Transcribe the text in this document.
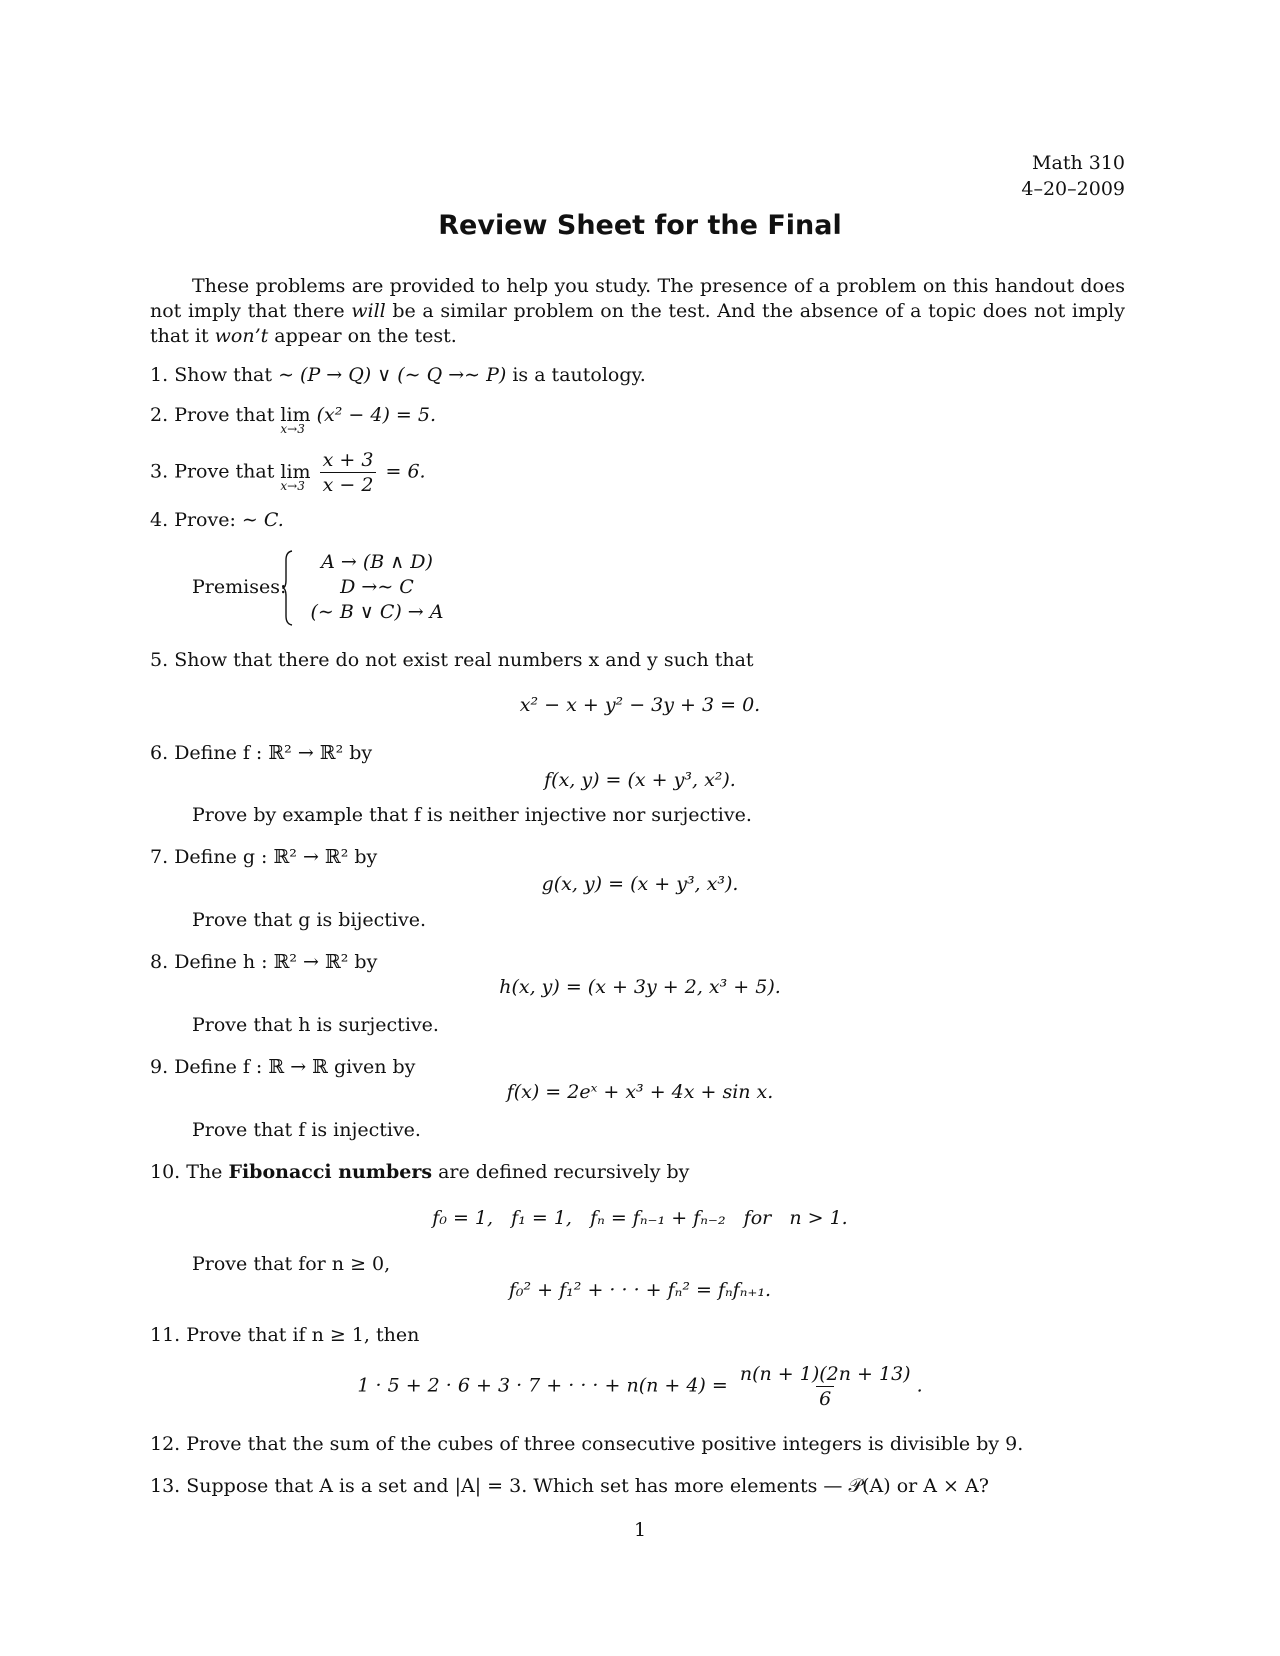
Math 310
4–20–2009
Review Sheet for the Final
These problems are provided to help you study. The presence of a problem on this handout does not imply that there will be a similar problem on the test. And the absence of a topic does not imply that it won’t appear on the test.
1. Show that ∼ (P → Q) ∨ (∼ Q →∼ P) is a tautology.
2. Prove that lim
x→3
(x² − 4) = 5.
3. Prove that lim
x→3
$\frac{x + 3}{x - 2} = 6$.
4. Prove: ∼ C.
Premises:
A → (B ∧ D)
D →∼ C
(∼ B ∨ C) → A
5. Show that there do not exist real numbers x and y such that
x² − x + y² − 3y + 3 = 0.
6. Define f : ℝ² → ℝ² by
f(x, y) = (x + y³, x²).
Prove by example that f is neither injective nor surjective.
7. Define g : ℝ² → ℝ² by
g(x, y) = (x + y³, x³).
Prove that g is bijective.
8. Define h : ℝ² → ℝ² by
h(x, y) = (x + 3y + 2, x³ + 5).
Prove that h is surjective.
9. Define f : ℝ → ℝ given by
f(x) = 2eˣ + x³ + 4x + sin x.
Prove that f is injective.
10. The Fibonacci numbers are defined recursively by
f₀ = 1,   f₁ = 1,   fₙ = fₙ₋₁ + fₙ₋₂   for   n > 1.
Prove that for n ≥ 0,
f₀² + f₁² + · · · + fₙ² = fₙfₙ₊₁.
11. Prove that if n ≥ 1, then
1 · 5 + 2 · 6 + 3 · 7 + · · · + $n(n + 4) = \frac{n(n + 1)(2n + 13)}{6}$ .
12. Prove that the sum of the cubes of three consecutive positive integers is divisible by 9.
13. Suppose that A is a set and |A| = 3. Which set has more elements — 𝒫(A) or A × A?
1
